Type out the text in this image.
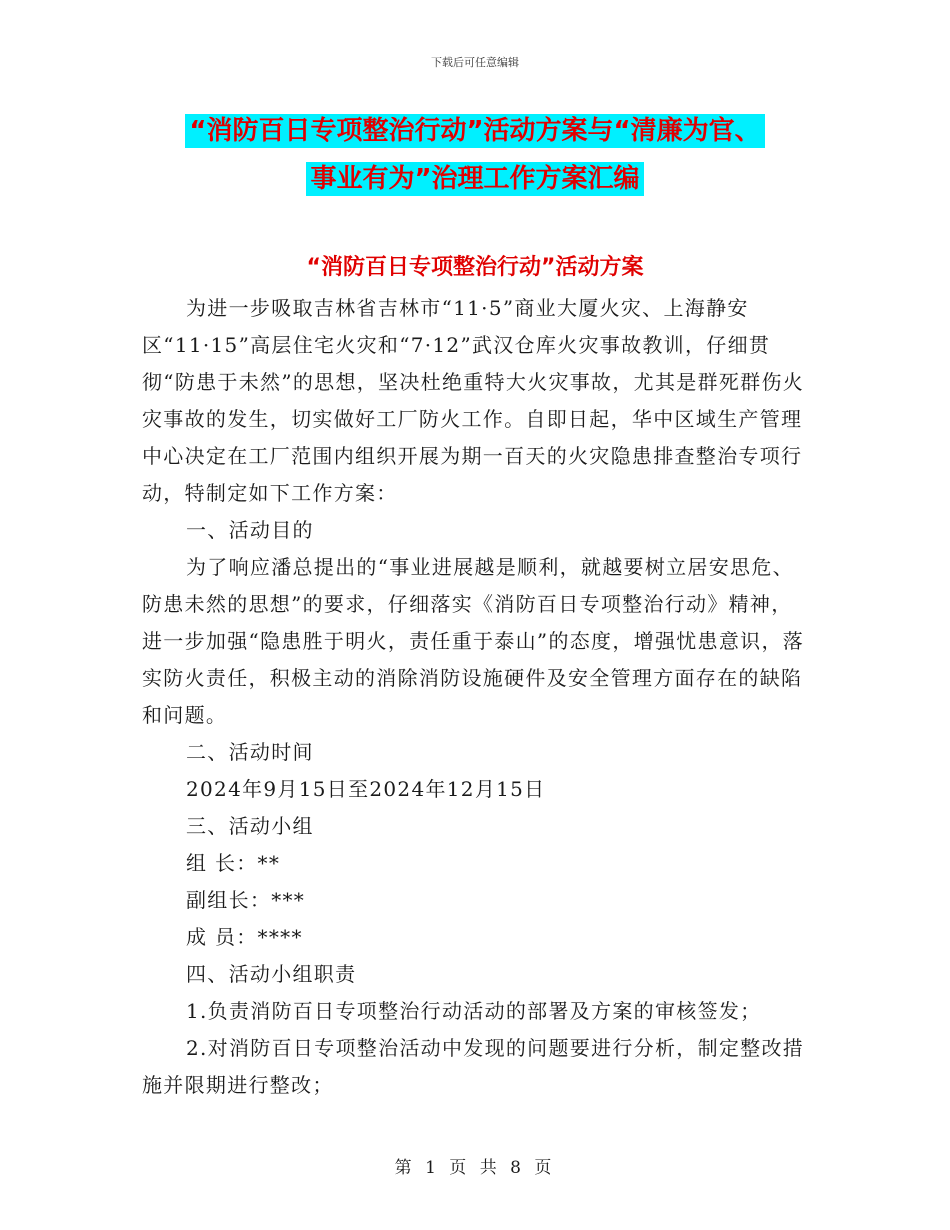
下载后可任意编辑
“消防百日专项整治行动”活动方案与“清廉为官、
事业有为”治理工作方案汇编
“消防百日专项整治行动”活动方案

为进一步吸取吉林省吉林市“11·5”商业大厦火灾、上海静安区“11·15”高层住宅火灾和“7·12”武汉仓库火灾事故教训，仔细贯彻“防患于未然”的思想，坚决杜绝重特大火灾事故，尤其是群死群伤火灾事故的发生，切实做好工厂防火工作。自即日起，华中区域生产管理中心决定在工厂范围内组织开展为期一百天的火灾隐患排查整治专项行动，特制定如下工作方案：

一、活动目的

为了响应潘总提出的“事业进展越是顺利，就越要树立居安思危、防患未然的思想”的要求，仔细落实《消防百日专项整治行动》精神，进一步加强“隐患胜于明火，责任重于泰山”的态度，增强忧患意识，落实防火责任，积极主动的消除消防设施硬件及安全管理方面存在的缺陷和问题。

二、活动时间

2024年9月15日至2024年12月15日

三、活动小组

组 长：**

副组长：***

成 员：****

四、活动小组职责

1.负责消防百日专项整治行动活动的部署及方案的审核签发；

2.对消防百日专项整治活动中发现的问题要进行分析，制定整改措施并限期进行整改；

第 1 页 共 8 页
